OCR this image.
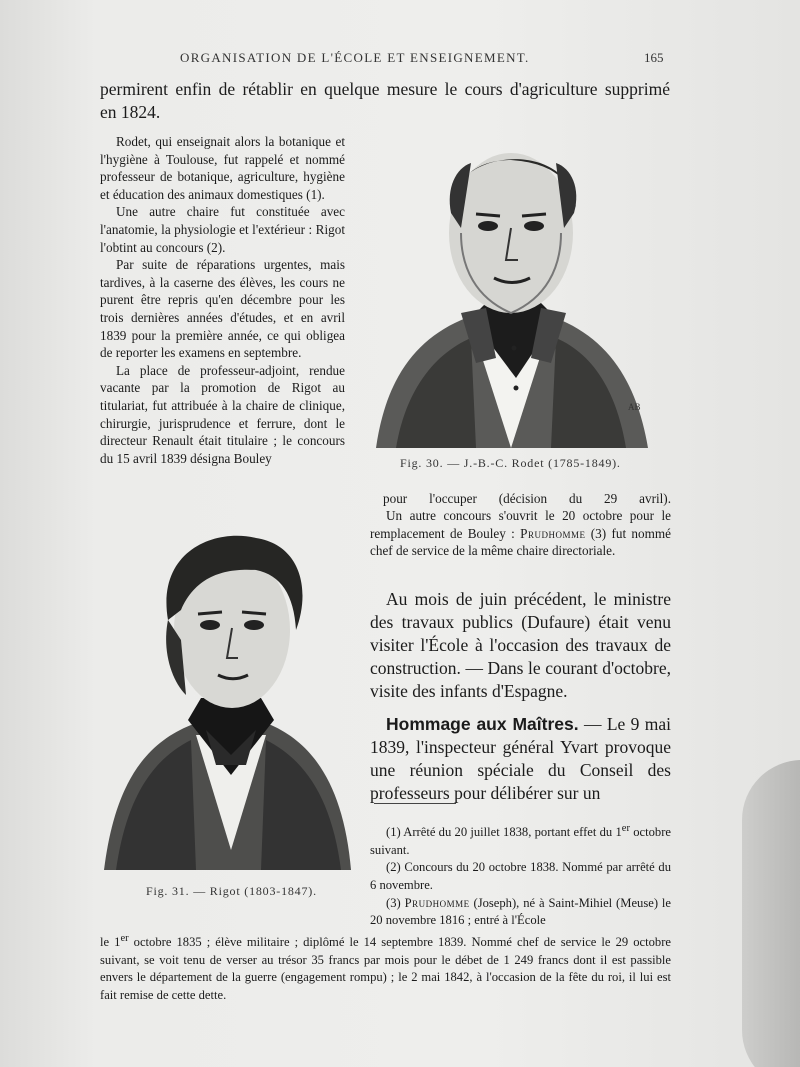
ORGANISATION DE L'ÉCOLE ET ENSEIGNEMENT.	165

permirent enfin de rétablir en quelque mesure le cours d'agriculture supprimé

en 1824.

Rodet, qui enseignait alors la botanique et l'hygiène à Toulouse, fut rappelé et nommé professeur de botanique, agriculture, hygiène et éducation des animaux domestiques (1).

Une autre chaire fut constituée avec l'anatomie, la physiologie et l'extérieur : Rigot l'obtint au concours (2).

Par suite de réparations urgentes, mais tardives, à la caserne des élèves, les cours ne purent être repris qu'en décembre pour les trois dernières années d'études, et en avril 1839 pour la première année, ce qui obligea de reporter les examens en septembre.

La place de professeur-adjoint, rendue vacante par la promotion de Rigot au titulariat, fut attribuée à la chaire de clinique, chirurgie, jurisprudence et ferrure, dont le directeur Renault était titulaire ; le concours du 15 avril 1839 désigna Bouley

pour l'occuper (décision du 29 avril).
AB
Fig. 30. — J.-B.-C. Rodet (1785-1849).

Un autre concours s'ouvrit le 20 octobre pour le remplacement de Bouley : Prudhomme (3) fut nommé chef de service de la même chaire directoriale.

Au mois de juin précédent, le ministre des travaux publics (Dufaure) était venu visiter l'École à l'occasion des travaux de construction. — Dans le courant d'octobre, visite des infants d'Espagne.

Hommage aux Maîtres. — Le 9 mai 1839, l'inspecteur général Yvart provoque une réunion spéciale du Conseil des professeurs pour délibérer sur un

Fig. 31. — Rigot (1803-1847).

(1) Arrêté du 20 juillet 1838, portant effet du 1er octobre suivant.

(2) Concours du 20 octobre 1838. Nommé par arrêté du 6 novembre.

(3) Prudhomme (Joseph), né à Saint-Mihiel (Meuse) le 20 novembre 1816 ; entré à l'École

le 1er octobre 1835 ; élève militaire ; diplômé le 14 septembre 1839. Nommé chef de service le 29 octobre suivant, se voit tenu de verser au trésor 35 francs par mois pour le débet de 1 249 francs dont il est passible envers le département de la guerre (engagement rompu) ; le 2 mai 1842, à l'occasion de la fête du roi, il lui est fait remise de cette dette.
